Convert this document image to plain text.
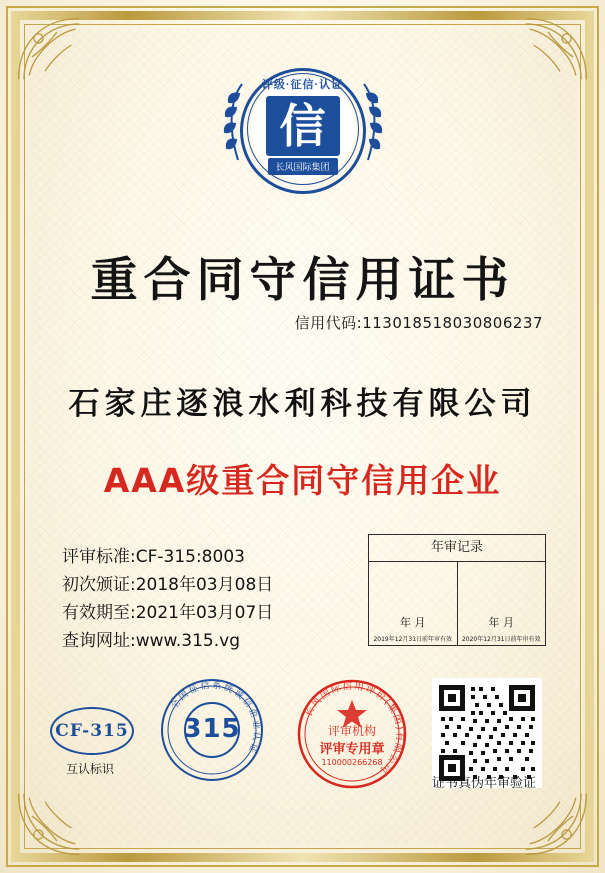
评级·征信·认证
信
长风国际集团
重合同守信用证书
信用代码:113018518030806237
石家庄逐浪水利科技有限公司
AAA级重合同守信用企业
评审标准:CF-315:8003
初次颁证:2018年03月08日
有效期至:2021年03月07日
查询网址:www.315.vg
年审记录
年 月
2019年12月31日前年审有效
年 月
2020年12月31日前年审有效
CF-315
互认标识
全国征信系统诚信企业认证
315
长风国际信用评价(集团)有限公司
评审机构
评审专用章
110000266268
证书真伪年审验证
